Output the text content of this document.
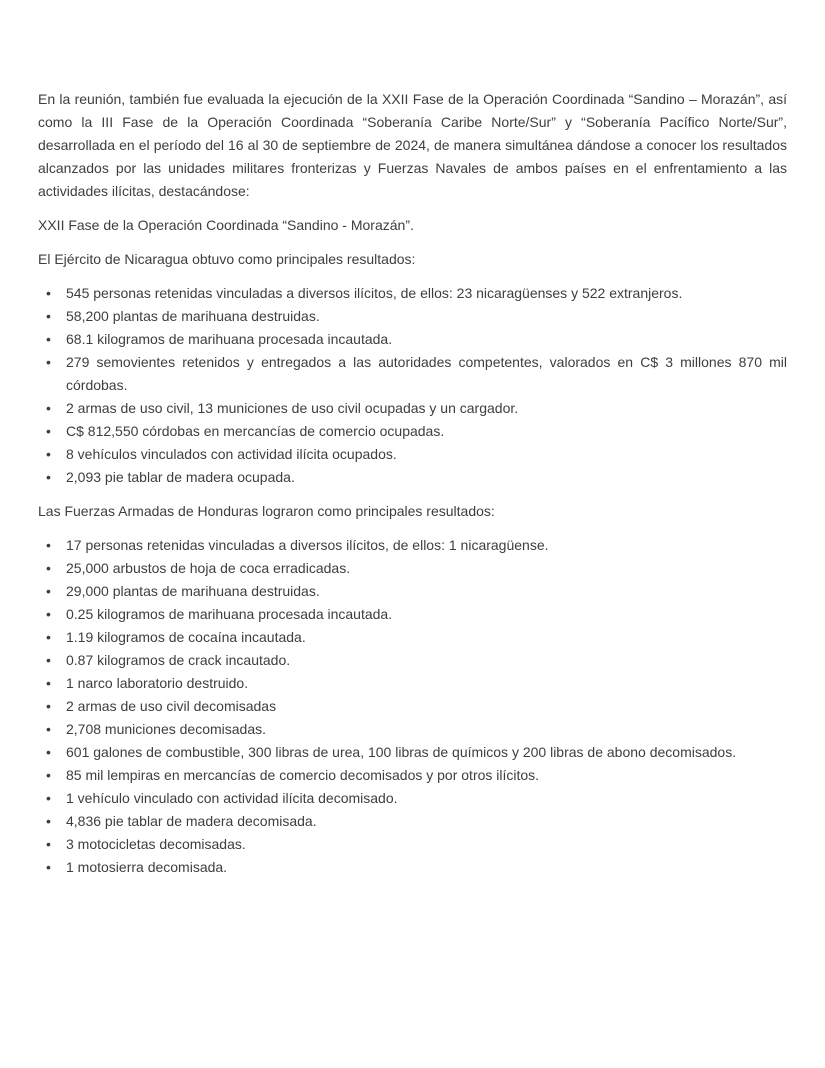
En la reunión, también fue evaluada la ejecución de la XXII Fase de la Operación Coordinada “Sandino – Morazán”, así como la III Fase de la Operación Coordinada “Soberanía Caribe Norte/Sur” y “Soberanía Pacífico Norte/Sur”, desarrollada en el período del 16 al 30 de septiembre de 2024, de manera simultánea dándose a conocer los resultados alcanzados por las unidades militares fronterizas y Fuerzas Navales de ambos países en el enfrentamiento a las actividades ilícitas, destacándose:

XXII Fase de la Operación Coordinada “Sandino - Morazán”.

El Ejército de Nicaragua obtuvo como principales resultados:

• 545 personas retenidas vinculadas a diversos ilícitos, de ellos: 23 nicaragüenses y 522 extranjeros.
• 58,200 plantas de marihuana destruidas.
• 68.1 kilogramos de marihuana procesada incautada.
• 279 semovientes retenidos y entregados a las autoridades competentes, valorados en C$ 3 millones 870 mil córdobas.
• 2 armas de uso civil, 13 municiones de uso civil ocupadas y un cargador.
• C$ 812,550 córdobas en mercancías de comercio ocupadas.
• 8 vehículos vinculados con actividad ilícita ocupados.
• 2,093 pie tablar de madera ocupada.

Las Fuerzas Armadas de Honduras lograron como principales resultados:

• 17 personas retenidas vinculadas a diversos ilícitos, de ellos: 1 nicaragüense.
• 25,000 arbustos de hoja de coca erradicadas.
• 29,000 plantas de marihuana destruidas.
• 0.25 kilogramos de marihuana procesada incautada.
• 1.19 kilogramos de cocaína incautada.
• 0.87 kilogramos de crack incautado.
• 1 narco laboratorio destruido.
• 2 armas de uso civil decomisadas
• 2,708 municiones decomisadas.
• 601 galones de combustible, 300 libras de urea, 100 libras de químicos y 200 libras de abono decomisados.
• 85 mil lempiras en mercancías de comercio decomisados y por otros ilícitos.
• 1 vehículo vinculado con actividad ilícita decomisado.
• 4,836 pie tablar de madera decomisada.
• 3 motocicletas decomisadas.
• 1 motosierra decomisada.
